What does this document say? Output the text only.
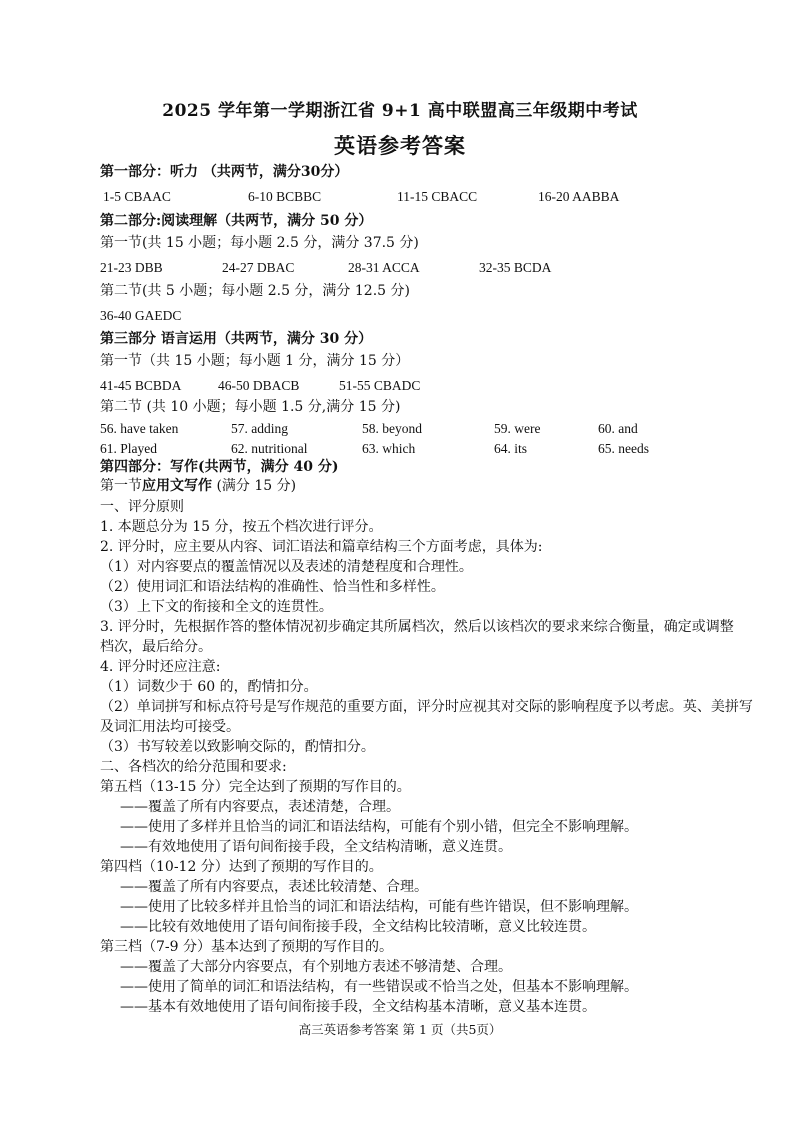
2025 学年第一学期浙江省 9+1 高中联盟高三年级期中考试
英语参考答案
第一部分：听力 （共两节，满分30分）
1-5 CBAAC	6-10 BCBBC	11-15 CBACC	16-20 AABBA
第二部分:阅读理解（共两节，满分 50 分）
第一节(共 15 小题；每小题 2.5 分，满分 37.5 分)
21-23 DBB	24-27 DBAC	28-31 ACCA	32-35 BCDA
第二节(共 5 小题；每小题 2.5 分，满分 12.5 分)
36-40 GAEDC
第三部分 语言运用（共两节，满分 30 分）
第一节（共 15 小题；每小题 1 分，满分 15 分）
41-45 BCBDA	46-50 DBACB	51-55 CBADC
第二节 (共 10 小题；每小题 1.5 分,满分 15 分)
56. have taken	57. adding	58. beyond	59. were	60. and
61. Played	62. nutritional	63. which	64. its	65. needs
第四部分：写作(共两节，满分 40 分)
第一节应用文写作 (满分 15 分)
一、评分原则
1. 本题总分为 15 分，按五个档次进行评分。
2. 评分时，应主要从内容、词汇语法和篇章结构三个方面考虑，具体为:
（1）对内容要点的覆盖情况以及表述的清楚程度和合理性。
（2）使用词汇和语法结构的准确性、恰当性和多样性。
（3）上下文的衔接和全文的连贯性。
3. 评分时，先根据作答的整体情况初步确定其所属档次，然后以该档次的要求来综合衡量，确定或调整
档次，最后给分。
4. 评分时还应注意:
（1）词数少于 60 的，酌情扣分。
（2）单词拼写和标点符号是写作规范的重要方面，评分时应视其对交际的影响程度予以考虑。英、美拼写
及词汇用法均可接受。
（3）书写较差以致影响交际的，酌情扣分。
二、各档次的给分范围和要求:
第五档（13-15 分）完全达到了预期的写作目的。
——覆盖了所有内容要点，表述清楚，合理。
——使用了多样并且恰当的词汇和语法结构，可能有个别小错，但完全不影响理解。
——有效地使用了语句间衔接手段，全文结构清晰，意义连贯。
第四档（10-12 分）达到了预期的写作目的。
——覆盖了所有内容要点，表述比较清楚、合理。
——使用了比较多样并且恰当的词汇和语法结构，可能有些许错误，但不影响理解。
——比较有效地使用了语句间衔接手段，全文结构比较清晰，意义比较连贯。
第三档（7-9 分）基本达到了预期的写作目的。
——覆盖了大部分内容要点，有个别地方表述不够清楚、合理。
——使用了简单的词汇和语法结构，有一些错误或不恰当之处，但基本不影响理解。
——基本有效地使用了语句间衔接手段，全文结构基本清晰，意义基本连贯。
高三英语参考答案 第 1 页（共5页）
